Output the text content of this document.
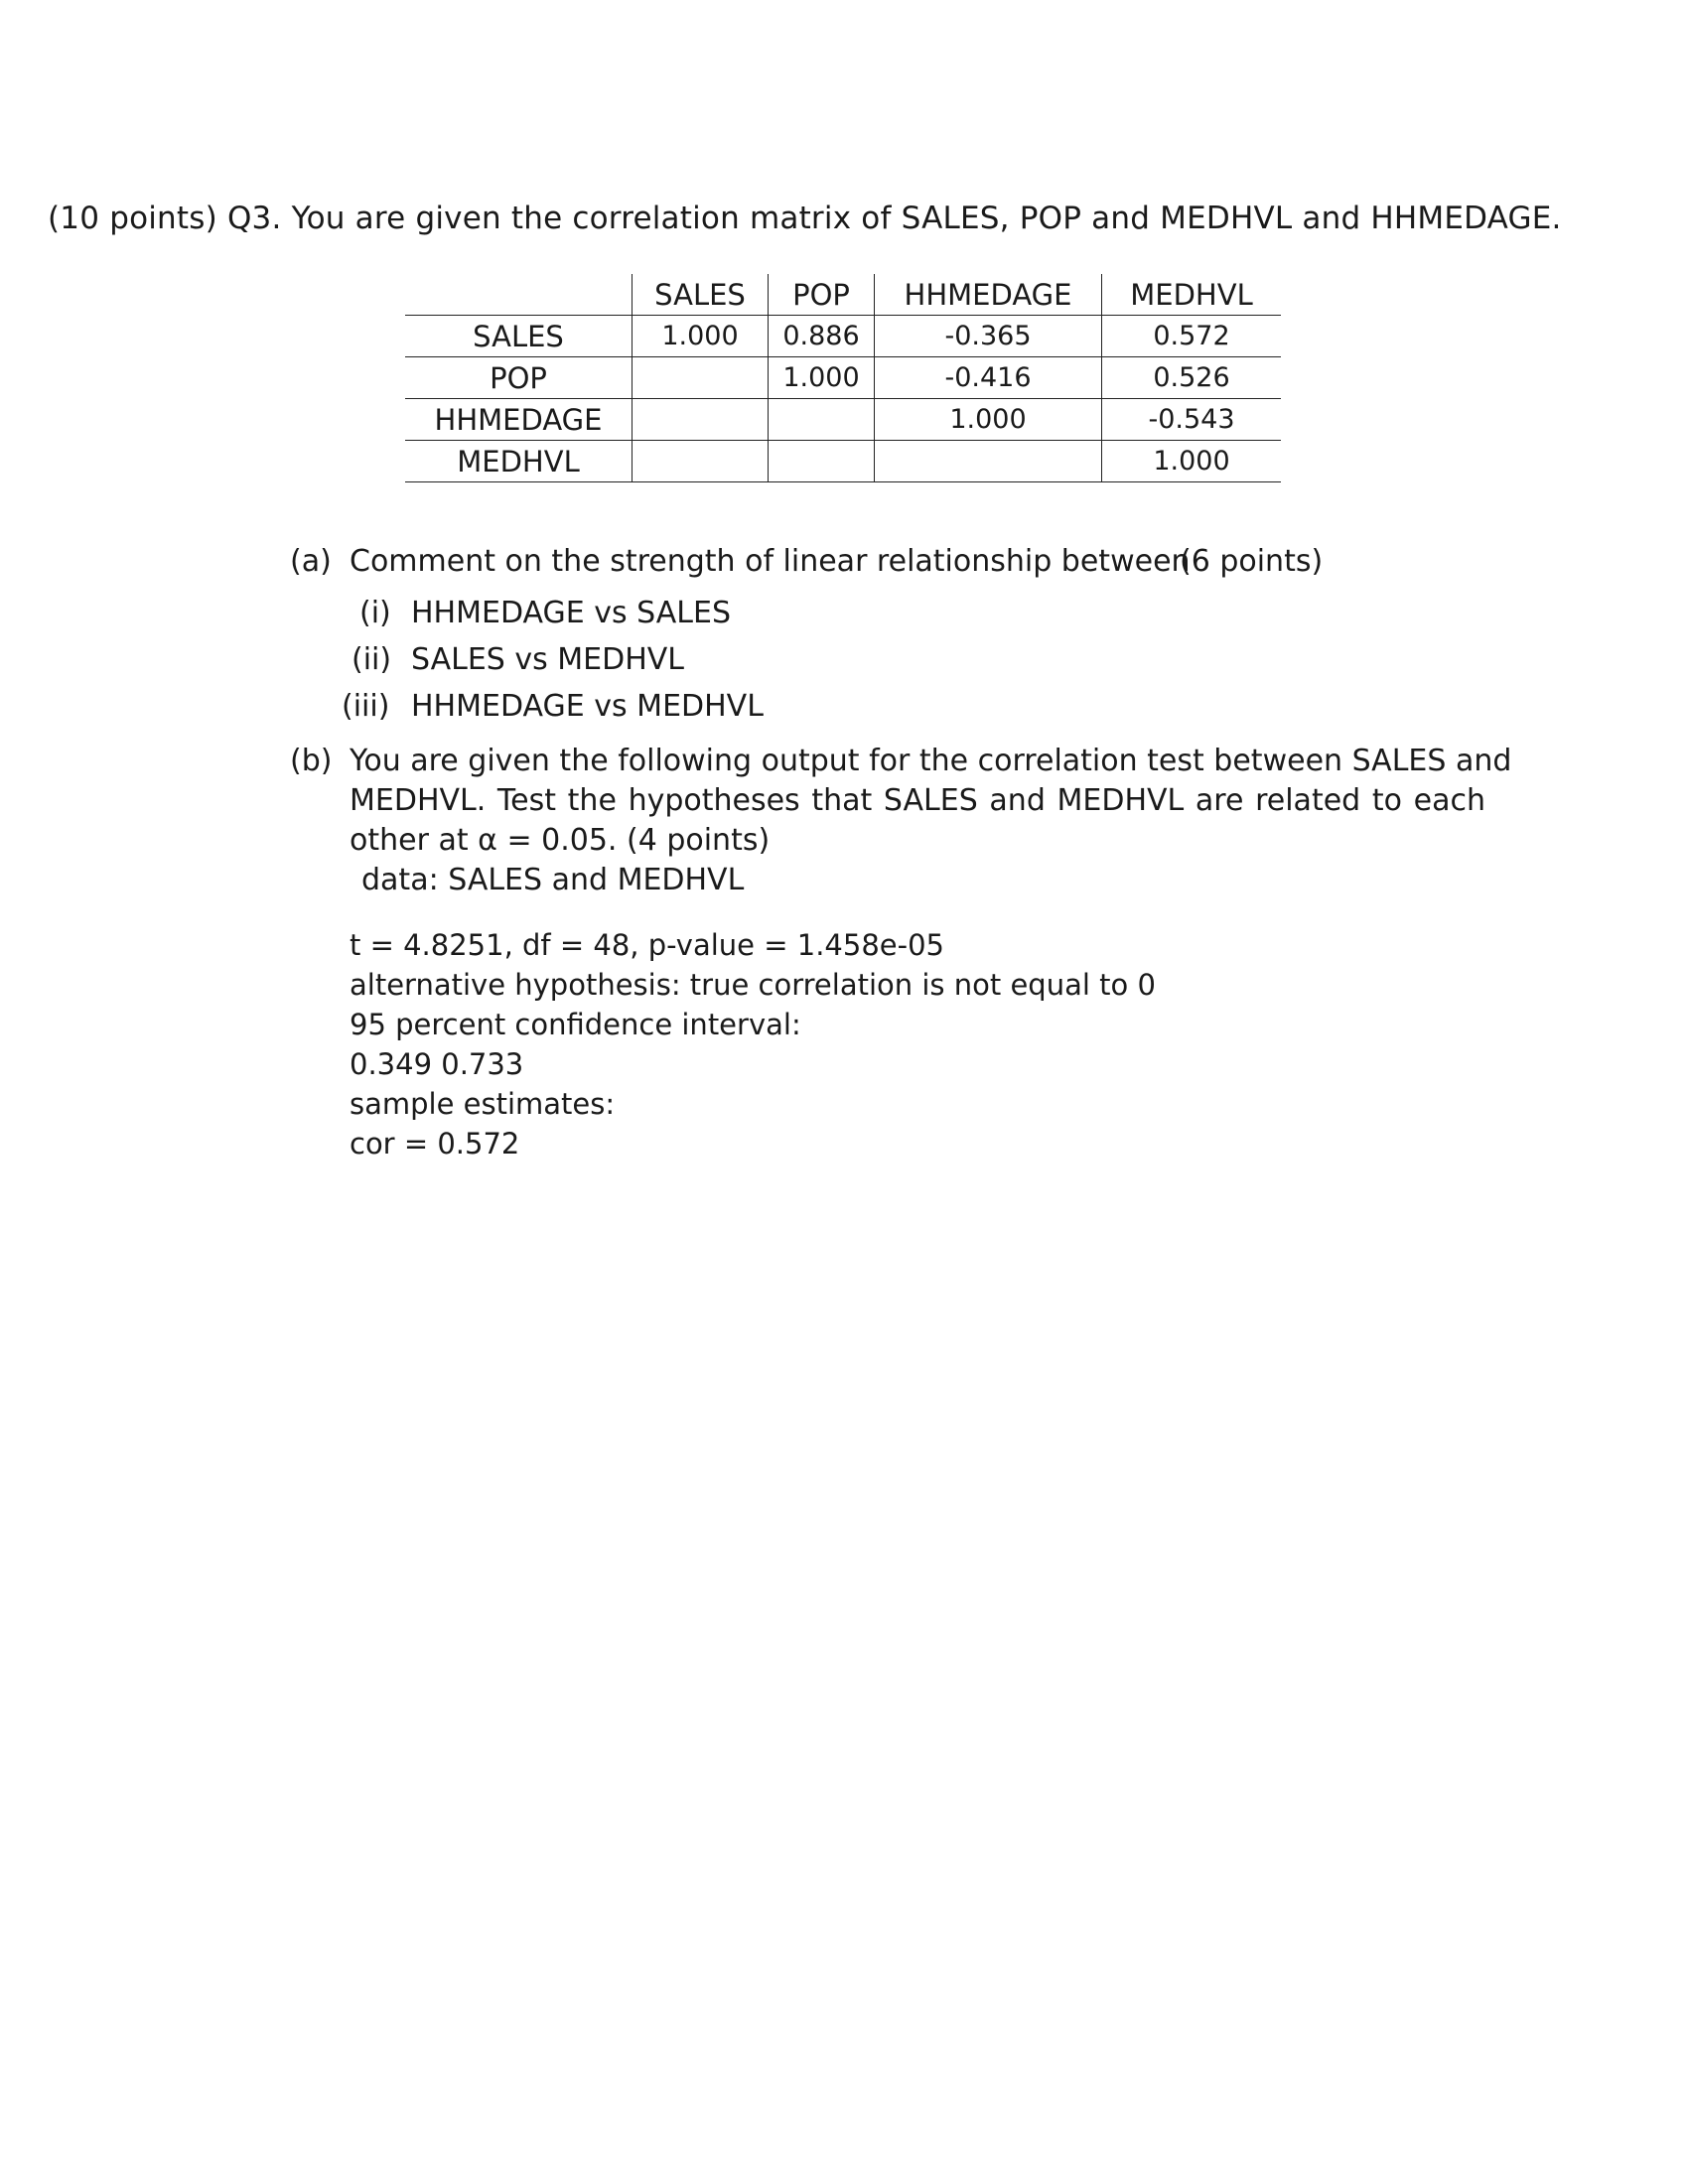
(10 points) Q3. You are given the correlation matrix of SALES, POP and MEDHVL and HHMEDAGE.
	SALES	POP	HHMEDAGE	MEDHVL
SALES	1.000	0.886	-0.365	0.572
POP		1.000	-0.416	0.526
HHMEDAGE			1.000	-0.543
MEDHVL				1.000
(a) Comment on the strength of linear relationship between
(6 points)
(i) HHMEDAGE vs SALES
(ii) SALES vs MEDHVL
(iii) HHMEDAGE vs MEDHVL
(b) You are given the following output for the correlation test between SALES and
MEDHVL. Test the hypotheses that SALES and MEDHVL are related to each
other at α = 0.05. (4 points)
data: SALES and MEDHVL
t = 4.8251, df = 48, p-value = 1.458e-05
alternative hypothesis: true correlation is not equal to 0
95 percent confidence interval:
0.349 0.733
sample estimates:
cor = 0.572
